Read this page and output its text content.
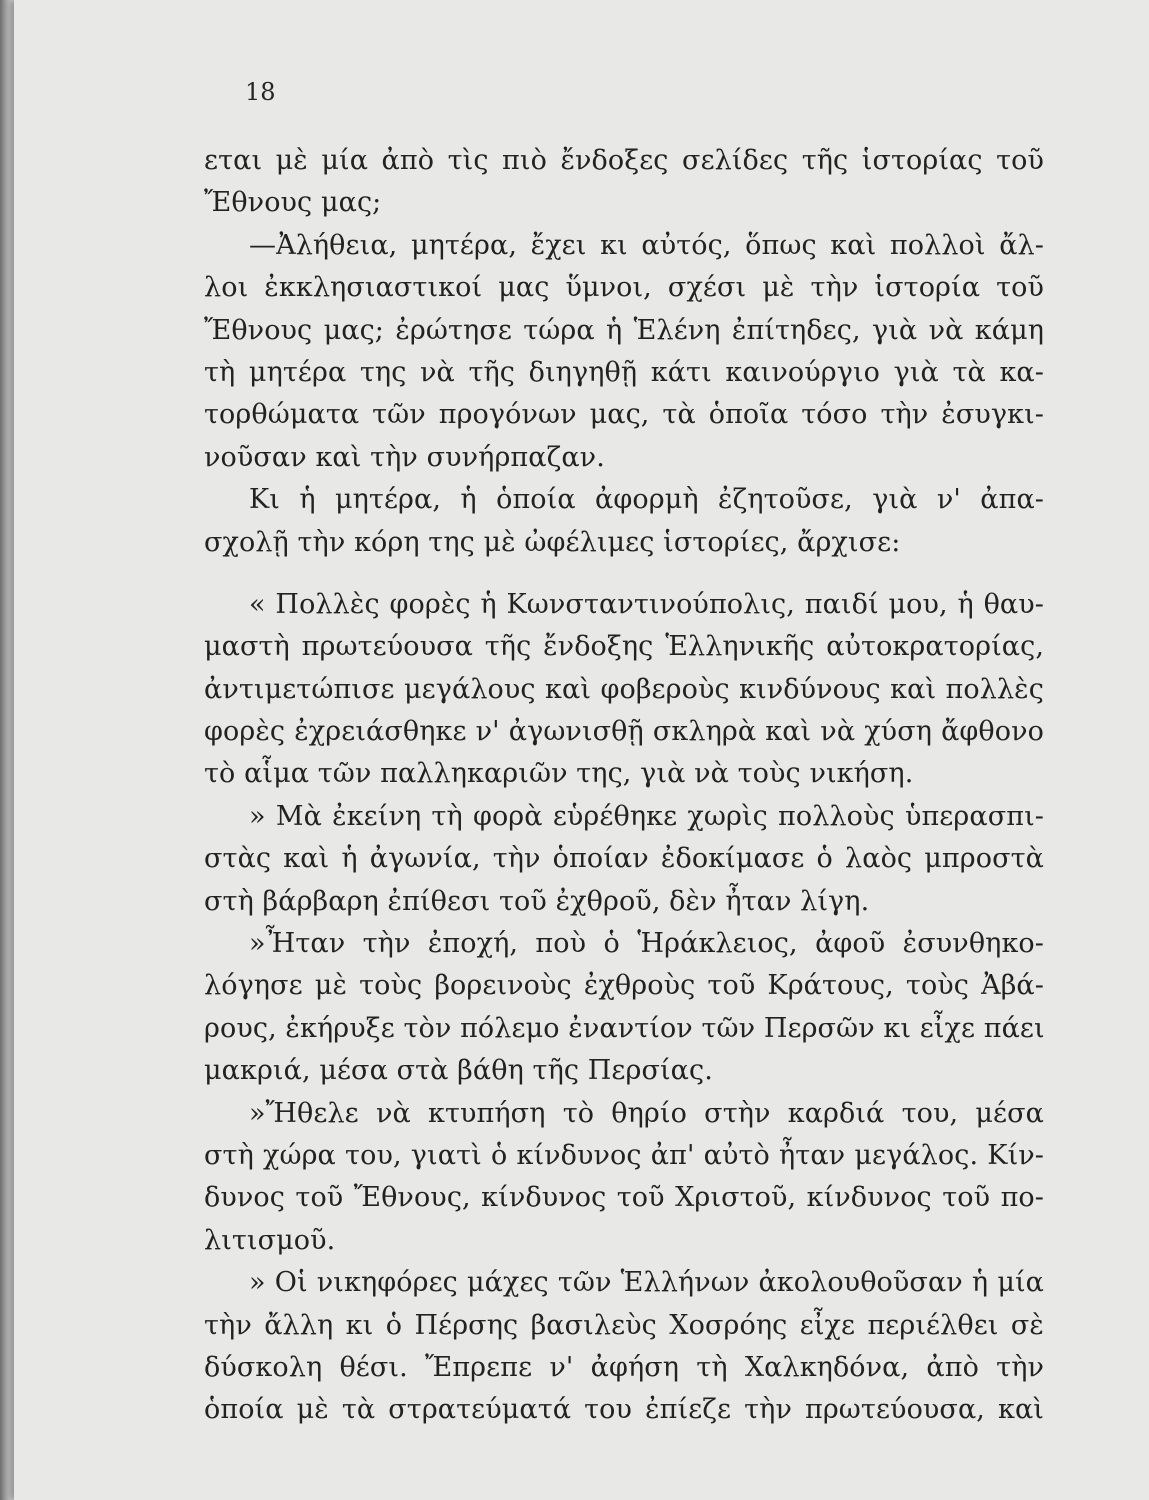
18
εται μὲ μία ἀπὸ τὶς πιὸ ἔνδοξες σελίδες τῆς ἱστορίας τοῦ
Ἔθνους μας;
—Ἀλήθεια, μητέρα, ἔχει κι αὐτός, ὅπως καὶ πολλοὶ ἄλ-
λοι ἐκκλησιαστικοί μας ὕμνοι, σχέσι μὲ τὴν ἱστορία τοῦ
Ἔθνους μας; ἐρώτησε τώρα ἡ Ἑλένη ἐπίτηδες, γιὰ νὰ κάμη
τὴ μητέρα της νὰ τῆς διηγηθῇ κάτι καινούργιο γιὰ τὰ κα-
τορθώματα τῶν προγόνων μας, τὰ ὁποῖα τόσο τὴν ἐσυγκι-
νοῦσαν καὶ τὴν συνήρπαζαν.
Κι ἡ μητέρα, ἡ ὁποία ἀφορμὴ ἐζητοῦσε, γιὰ ν' ἀπα-
σχολῇ τὴν κόρη της μὲ ὠφέλιμες ἱστορίες, ἄρχισε:
« Πολλὲς φορὲς ἡ Κωνσταντινούπολις, παιδί μου, ἡ θαυ-
μαστὴ πρωτεύουσα τῆς ἔνδοξης Ἑλληνικῆς αὐτοκρατορίας,
ἀντιμετώπισε μεγάλους καὶ φοβεροὺς κινδύνους καὶ πολλὲς
φορὲς ἐχρειάσθηκε ν' ἀγωνισθῇ σκληρὰ καὶ νὰ χύση ἄφθονο
τὸ αἷμα τῶν παλληκαριῶν της, γιὰ νὰ τοὺς νικήση.
» Μὰ ἐκείνη τὴ φορὰ εὑρέθηκε χωρὶς πολλοὺς ὑπερασπι-
στὰς καὶ ἡ ἀγωνία, τὴν ὁποίαν ἐδοκίμασε ὁ λαὸς μπροστὰ
στὴ βάρβαρη ἐπίθεσι τοῦ ἐχθροῦ, δὲν ἦταν λίγη.
»Ἦταν τὴν ἐποχή, ποὺ ὁ Ἡράκλειος, ἀφοῦ ἐσυνθηκο-
λόγησε μὲ τοὺς βορεινοὺς ἐχθροὺς τοῦ Κράτους, τοὺς Ἀβά-
ρους, ἐκήρυξε τὸν πόλεμο ἐναντίον τῶν Περσῶν κι εἶχε πάει
μακριά, μέσα στὰ βάθη τῆς Περσίας.
»Ἤθελε νὰ κτυπήση τὸ θηρίο στὴν καρδιά του, μέσα
στὴ χώρα του, γιατὶ ὁ κίνδυνος ἀπ' αὐτὸ ἦταν μεγάλος. Κίν-
δυνος τοῦ Ἔθνους, κίνδυνος τοῦ Χριστοῦ, κίνδυνος τοῦ πο-
λιτισμοῦ.
» Οἱ νικηφόρες μάχες τῶν Ἑλλήνων ἀκολουθοῦσαν ἡ μία
τὴν ἄλλη κι ὁ Πέρσης βασιλεὺς Χοσρόης εἶχε περιέλθει σὲ
δύσκολη θέσι. Ἔπρεπε ν' ἀφήση τὴ Χαλκηδόνα, ἀπὸ τὴν
ὁποία μὲ τὰ στρατεύματά του ἐπίεζε τὴν πρωτεύουσα, καὶ
